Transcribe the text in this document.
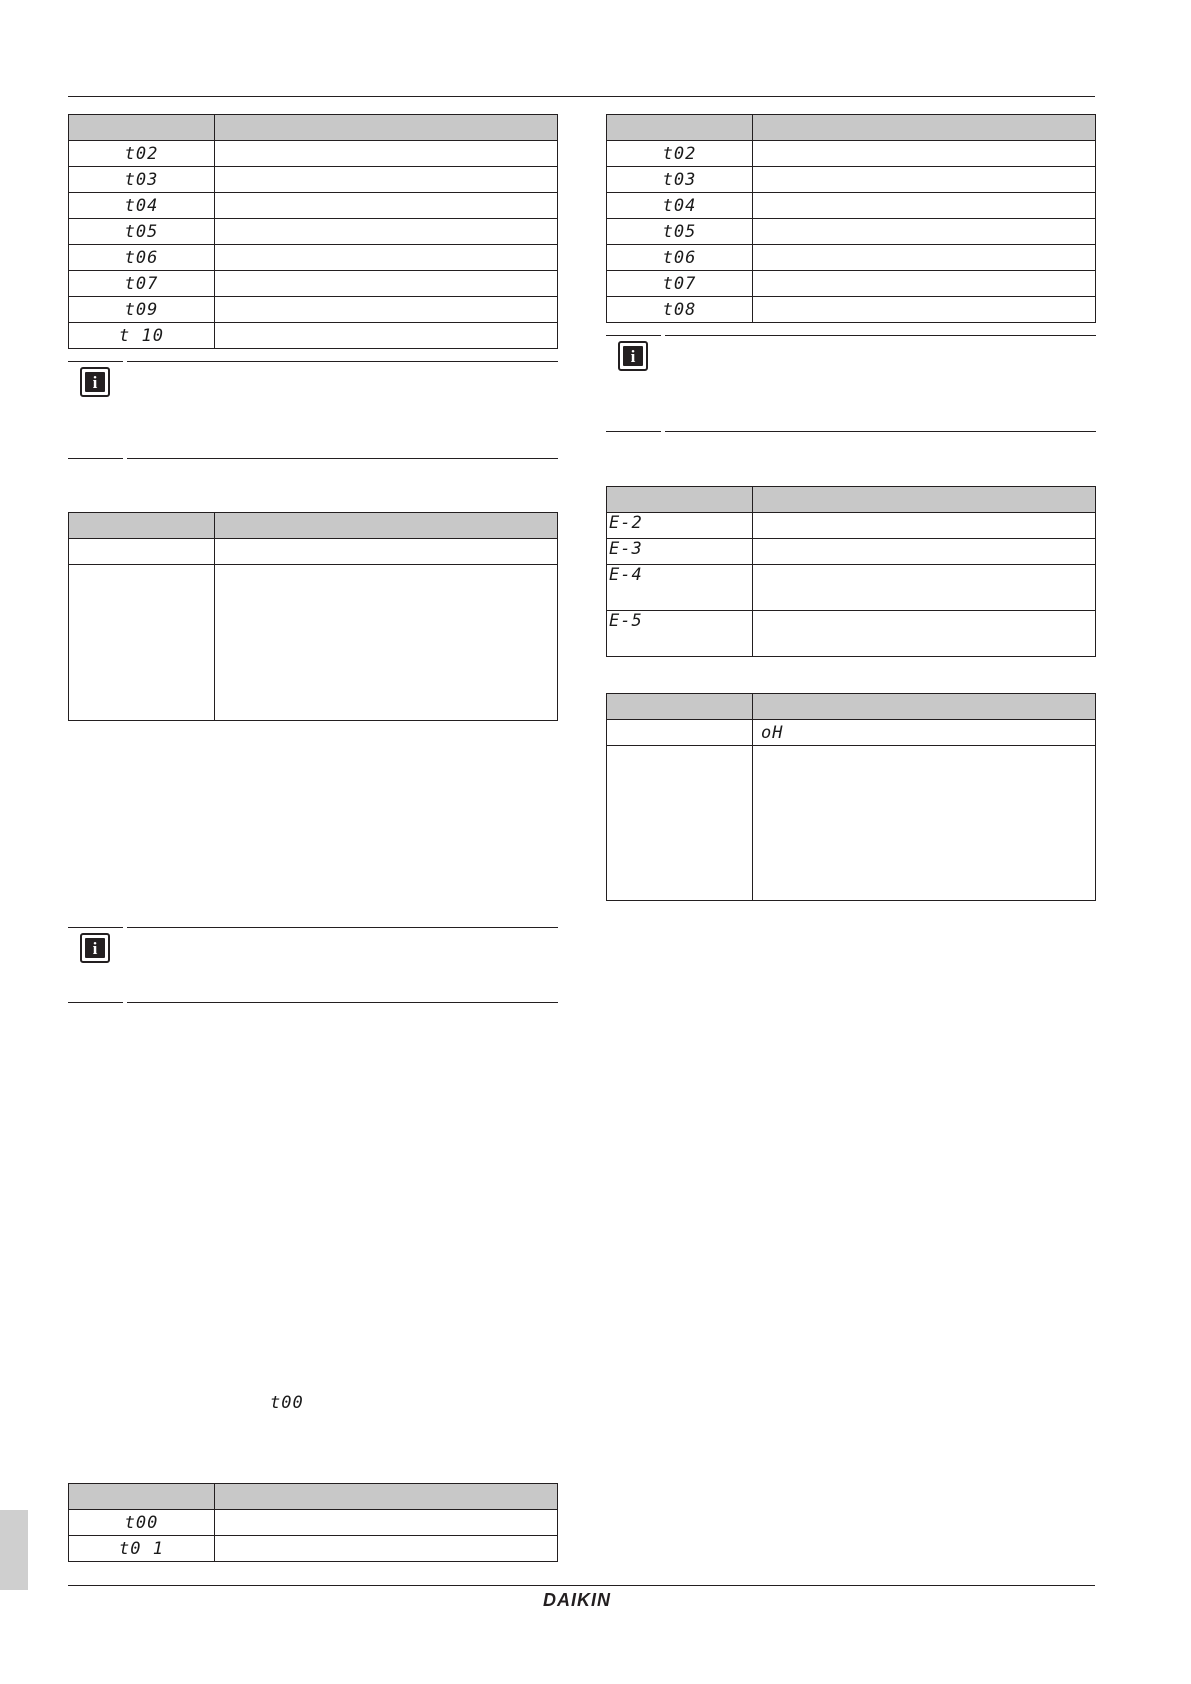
t02	
t03	
t04	
t05	
t06	
t07	
t09	
t 10	
i

i
t00

t00	
t0 1	

t02	
t03	
t04	
t05	
t06	
t07	
t08	
i

E-2	
E-3	
E-4	
E-5	

	oH

DAIKIN
